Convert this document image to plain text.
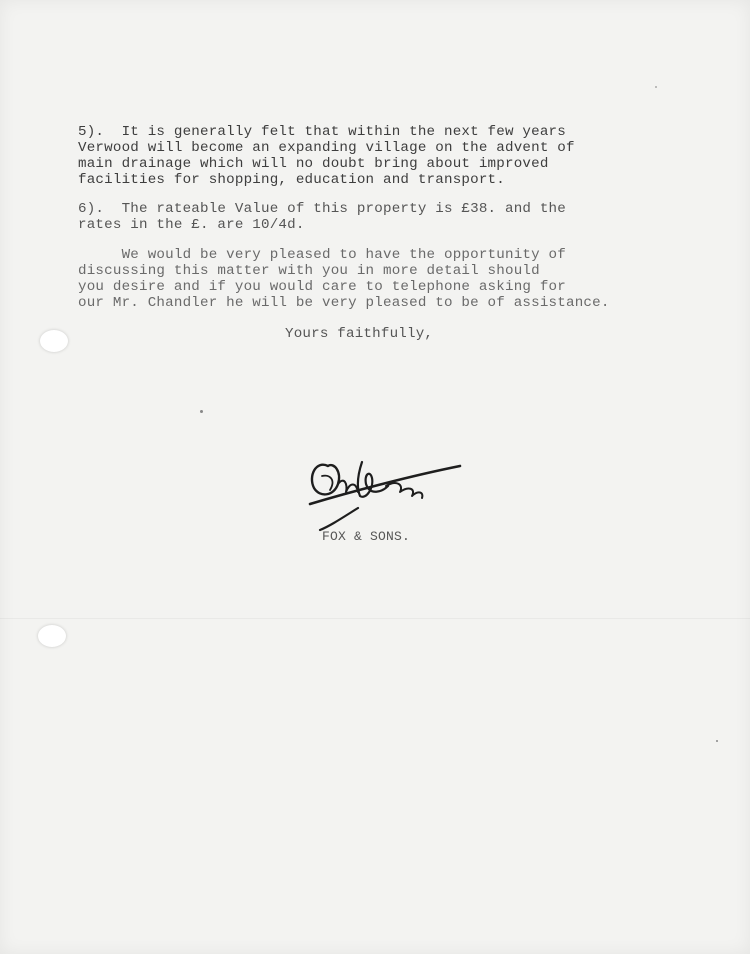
5).  It is generally felt that within the next few years
Verwood will become an expanding village on the advent of
main drainage which will no doubt bring about improved
facilities for shopping, education and transport.

6).  The rateable Value of this property is £38. and the
rates in the £. are 10/4d.

We would be very pleased to have the opportunity of
discussing this matter with you in more detail should
you desire and if you would care to telephone asking for
our Mr. Chandler he will be very pleased to be of assistance.

Yours faithfully,

FOX & SONS.
